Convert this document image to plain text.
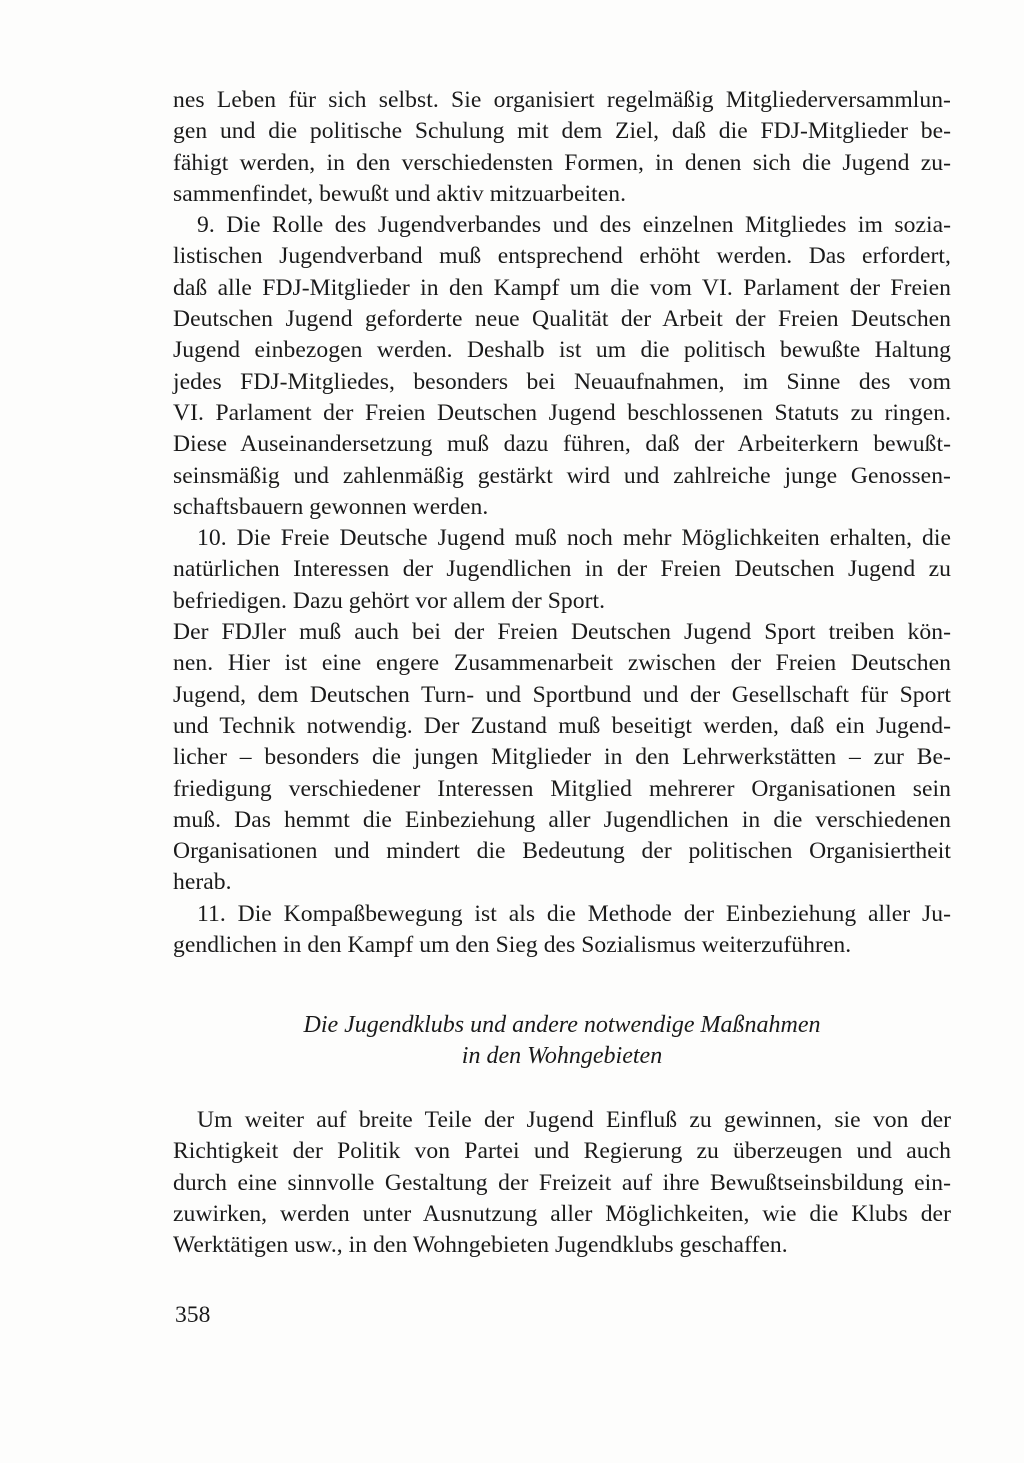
nes Leben für sich selbst. Sie organisiert regelmäßig Mitgliederversammlun-
gen und die politische Schulung mit dem Ziel, daß die FDJ-Mitglieder be-
fähigt werden, in den verschiedensten Formen, in denen sich die Jugend zu-
sammenfindet, bewußt und aktiv mitzuarbeiten.
9. Die Rolle des Jugendverbandes und des einzelnen Mitgliedes im sozia-
listischen Jugendverband muß entsprechend erhöht werden. Das erfordert,
daß alle FDJ-Mitglieder in den Kampf um die vom VI. Parlament der Freien
Deutschen Jugend geforderte neue Qualität der Arbeit der Freien Deutschen
Jugend einbezogen werden. Deshalb ist um die politisch bewußte Haltung
jedes FDJ-Mitgliedes, besonders bei Neuaufnahmen, im Sinne des vom
VI. Parlament der Freien Deutschen Jugend beschlossenen Statuts zu ringen.
Diese Auseinandersetzung muß dazu führen, daß der Arbeiterkern bewußt-
seinsmäßig und zahlenmäßig gestärkt wird und zahlreiche junge Genossen-
schaftsbauern gewonnen werden.
10. Die Freie Deutsche Jugend muß noch mehr Möglichkeiten erhalten, die
natürlichen Interessen der Jugendlichen in der Freien Deutschen Jugend zu
befriedigen. Dazu gehört vor allem der Sport.
Der FDJler muß auch bei der Freien Deutschen Jugend Sport treiben kön-
nen. Hier ist eine engere Zusammenarbeit zwischen der Freien Deutschen
Jugend, dem Deutschen Turn- und Sportbund und der Gesellschaft für Sport
und Technik notwendig. Der Zustand muß beseitigt werden, daß ein Jugend-
licher – besonders die jungen Mitglieder in den Lehrwerkstätten – zur Be-
friedigung verschiedener Interessen Mitglied mehrerer Organisationen sein
muß. Das hemmt die Einbeziehung aller Jugendlichen in die verschiedenen
Organisationen und mindert die Bedeutung der politischen Organisiertheit
herab.
11. Die Kompaßbewegung ist als die Methode der Einbeziehung aller Ju-
gendlichen in den Kampf um den Sieg des Sozialismus weiterzuführen.
Die Jugendklubs und andere notwendige Maßnahmen
in den Wohngebieten
Um weiter auf breite Teile der Jugend Einfluß zu gewinnen, sie von der
Richtigkeit der Politik von Partei und Regierung zu überzeugen und auch
durch eine sinnvolle Gestaltung der Freizeit auf ihre Bewußtseinsbildung ein-
zuwirken, werden unter Ausnutzung aller Möglichkeiten, wie die Klubs der
Werktätigen usw., in den Wohngebieten Jugendklubs geschaffen.
358
